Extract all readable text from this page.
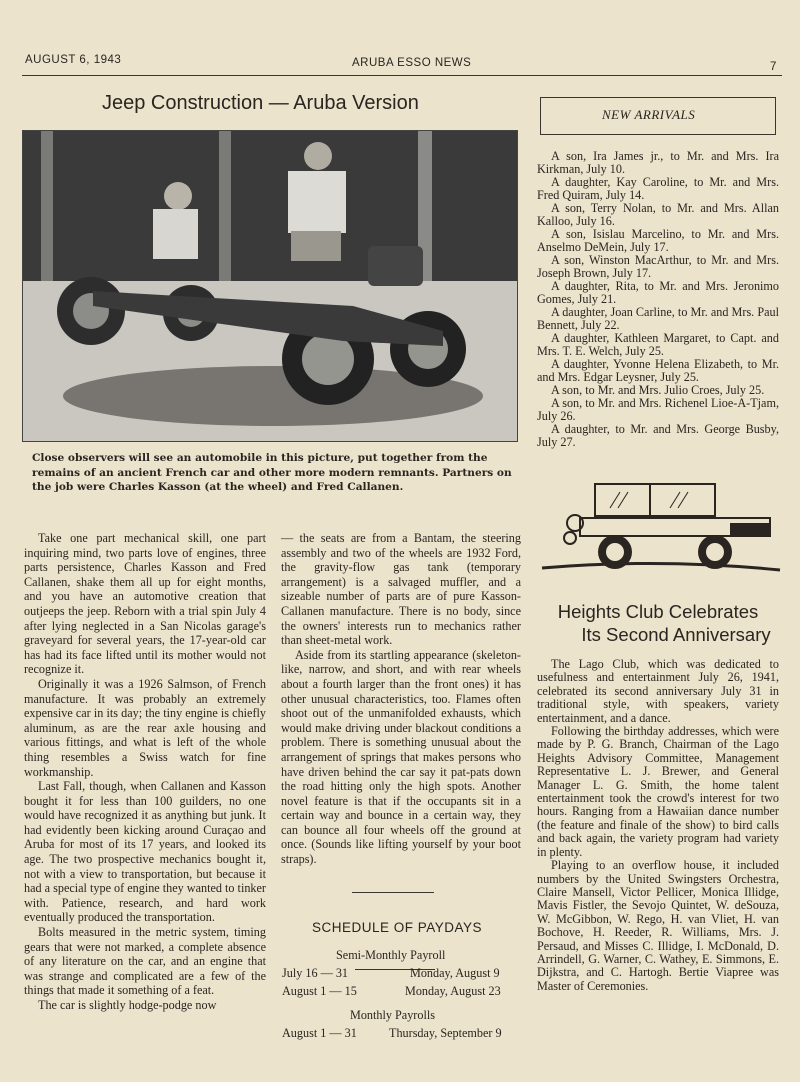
AUGUST 6, 1943	ARUBA ESSO NEWS	7
Jeep Construction — Aruba Version
Close observers will see an automobile in this picture, put together from the remains of an ancient French car and other more modern remnants. Partners on the job were Charles Kasson (at the wheel) and Fred Callanen.

Take one part mechanical skill, one part inquiring mind, two parts love of engines, three parts persistence, Charles Kasson and Fred Callanen, shake them all up for eight months, and you have an automotive creation that outjeeps the jeep. Reborn with a trial spin July 4 after lying neglected in a San Nicolas garage's graveyard for several years, the 17-year-old car has had its face lifted until its mother would not recognize it.

Originally it was a 1926 Salmson, of French manufacture. It was probably an extremely expensive car in its day; the tiny engine is chiefly aluminum, as are the rear axle housing and various fittings, and what is left of the whole thing resembles a Swiss watch for fine workmanship.

Last Fall, though, when Callanen and Kasson bought it for less than 100 guilders, no one would have recognized it as anything but junk. It had evidently been kicking around Curaçao and Aruba for most of its 17 years, and looked its age. The two prospective mechanics bought it, not with a view to transportation, but because it had a special type of engine they wanted to tinker with. Patience, research, and hard work eventually produced the transportation.

Bolts measured in the metric system, timing gears that were not marked, a complete absence of any literature on the car, and an engine that was strange and complicated are a few of the things that made it something of a feat.

The car is slightly hodge-podge now

— the seats are from a Bantam, the steering assembly and two of the wheels are 1932 Ford, the gravity-flow gas tank (temporary arrangement) is a salvaged muffler, and a sizeable number of parts are of pure Kasson-Callanen manufacture. There is no body, since the owners' interests run to mechanics rather than sheet-metal work.

Aside from its startling appearance (skeleton-like, narrow, and short, and with rear wheels about a fourth larger than the front ones) it has other unusual characteristics, too. Flames often shoot out of the unmanifolded exhausts, which would make driving under blackout conditions a problem. There is something unusual about the arrangement of springs that makes persons who have driven behind the car say it pat-pats down the road hitting only the high spots. Another novel feature is that if the occupants sit in a certain way and bounce in a certain way, they can bounce all four wheels off the ground at once. (Sounds like lifting yourself by your boot straps).

SCHEDULE OF PAYDAYS
Semi-Monthly Payroll
July 16 — 31	Monday, August 9
August 1 — 15	Monday, August 23
Monthly Payrolls
August 1 — 31	Thursday, September 9
NEW ARRIVALS

A son, Ira James jr., to Mr. and Mrs. Ira Kirkman, July 10.

A daughter, Kay Caroline, to Mr. and Mrs. Fred Quiram, July 14.

A son, Terry Nolan, to Mr. and Mrs. Allan Kalloo, July 16.

A son, Isislau Marcelino, to Mr. and Mrs. Anselmo DeMein, July 17.

A son, Winston MacArthur, to Mr. and Mrs. Joseph Brown, July 17.

A daughter, Rita, to Mr. and Mrs. Jeronimo Gomes, July 21.

A daughter, Joan Carline, to Mr. and Mrs. Paul Bennett, July 22.

A daughter, Kathleen Margaret, to Capt. and Mrs. T. E. Welch, July 25.

A daughter, Yvonne Helena Elizabeth, to Mr. and Mrs. Edgar Leysner, July 25.

A son, to Mr. and Mrs. Julio Croes, July 25.

A son, to Mr. and Mrs. Richenel Lioe-A-Tjam, July 26.

A daughter, to Mr. and Mrs. George Busby, July 27.

Heights Club Celebrates
Its Second Anniversary

The Lago Club, which was dedicated to usefulness and entertainment July 26, 1941, celebrated its second anniversary July 31 in traditional style, with speakers, variety entertainment, and a dance.

Following the birthday addresses, which were made by P. G. Branch, Chairman of the Lago Heights Advisory Committee, Management Representative L. J. Brewer, and General Manager L. G. Smith, the home talent entertainment took the crowd's interest for two hours. Ranging from a Hawaiian dance number (the feature and finale of the show) to bird calls and back again, the variety program had variety in plenty.

Playing to an overflow house, it included numbers by the United Swingsters Orchestra, Claire Mansell, Victor Pellicer, Monica Illidge, Mavis Fistler, the Sevojo Quintet, W. deSouza, W. McGibbon, W. Rego, H. van Vliet, H. van Bochove, H. Reeder, R. Williams, Mrs. J. Persaud, and Misses C. Illidge, I. McDonald, D. Arrindell, G. Warner, C. Wathey, E. Simmons, E. Dijkstra, and C. Hartogh. Bertie Viapree was Master of Ceremonies.
